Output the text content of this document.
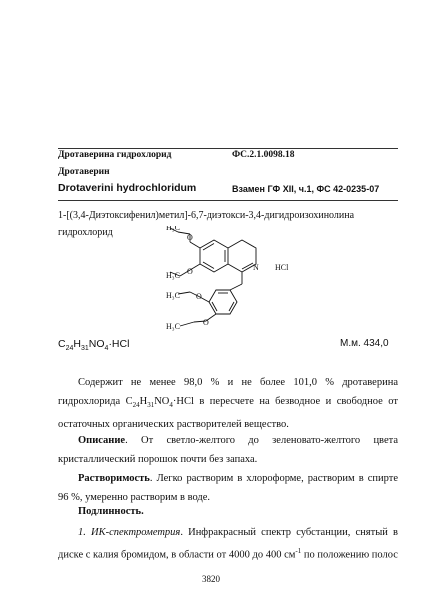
Дротаверина гидрохлорид	ФС.2.1.0098.18
Дротаверин
Drotaverini hydrochloridum	Взамен ГФ XII, ч.1, ФС 42-0235-07
1-[(3,4-Диэтоксифенил)метил]-6,7-диэтокси-3,4-дигидроизохинолина
гидрохлорид	O
O
O
O
H₃C
H₃C
H₃C
H₃C
N HCl
$C_{24}H_{31}NO_4\cdot HCl$	М.м. 434,0
Содержит не менее 98,0 % и не более 101,0 % дротаверина гидрохлорида $C_{24}H_{31}NO_4\cdot HCl$ в пересчете на безводное и свободное от остаточных органических растворителей вещество.
Описание. От светло-желтого до зеленовато-желтого цвета кристаллический порошок почти без запаха.
Растворимость. Легко растворим в хлороформе, растворим в спирте 96 %, умеренно растворим в воде.
Подлинность.
1. ИК-спектрометрия. Инфракрасный спектр субстанции, снятый в диске с калия бромидом, в области от 4000 до 400 $см^{-1}$ по положению полос
3820
